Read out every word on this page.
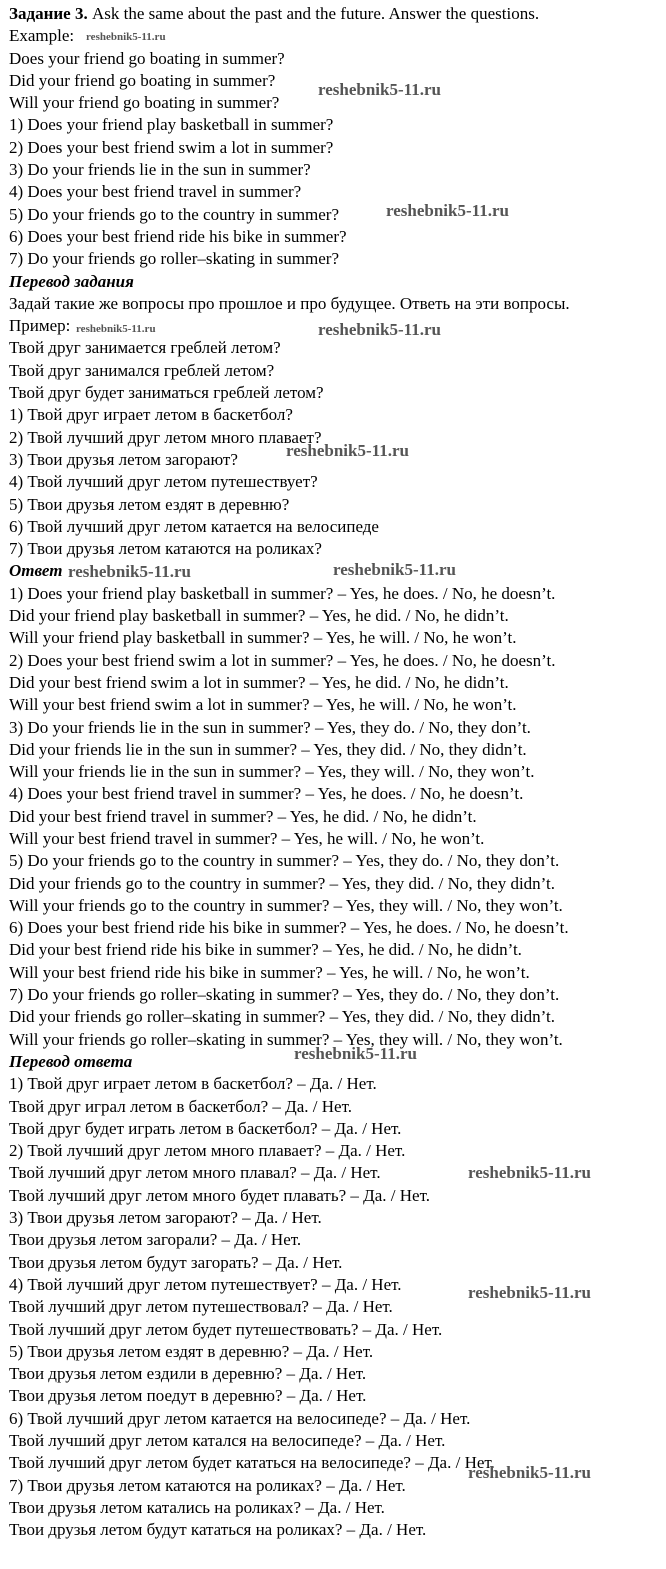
Задание 3. Ask the same about the past and the future. Answer the questions.
Example:
Does your friend go boating in summer?
Did your friend go boating in summer?
Will your friend go boating in summer?
1) Does your friend play basketball in summer?
2) Does your best friend swim a lot in summer?
3) Do your friends lie in the sun in summer?
4) Does your best friend travel in summer?
5) Do your friends go to the country in summer?
6) Does your best friend ride his bike in summer?
7) Do your friends go roller–skating in summer?
Перевод задания
Задай такие же вопросы про прошлое и про будущее. Ответь на эти вопросы.
Пример:
Твой друг занимается греблей летом?
Твой друг занимался греблей летом?
Твой друг будет заниматься греблей летом?
1) Твой друг играет летом в баскетбол?
2) Твой лучший друг летом много плавает?
3) Твои друзья летом загорают?
4) Твой лучший друг летом путешествует?
5) Твои друзья летом ездят в деревню?
6) Твой лучший друг летом катается на велосипеде
7) Твои друзья летом катаются на роликах?
Ответ
1) Does your friend play basketball in summer? – Yes, he does. / No, he doesn’t.
Did your friend play basketball in summer? – Yes, he did. / No, he didn’t.
Will your friend play basketball in summer? – Yes, he will. / No, he won’t.
2) Does your best friend swim a lot in summer? – Yes, he does. / No, he doesn’t.
Did your best friend swim a lot in summer? – Yes, he did. / No, he didn’t.
Will your best friend swim a lot in summer? – Yes, he will. / No, he won’t.
3) Do your friends lie in the sun in summer? – Yes, they do. / No, they don’t.
Did your friends lie in the sun in summer? – Yes, they did. / No, they didn’t.
Will your friends lie in the sun in summer? – Yes, they will. / No, they won’t.
4) Does your best friend travel in summer? – Yes, he does. / No, he doesn’t.
Did your best friend travel in summer? – Yes, he did. / No, he didn’t.
Will your best friend travel in summer? – Yes, he will. / No, he won’t.
5) Do your friends go to the country in summer? – Yes, they do. / No, they don’t.
Did your friends go to the country in summer? – Yes, they did. / No, they didn’t.
Will your friends go to the country in summer? – Yes, they will. / No, they won’t.
6) Does your best friend ride his bike in summer? – Yes, he does. / No, he doesn’t.
Did your best friend ride his bike in summer? – Yes, he did. / No, he didn’t.
Will your best friend ride his bike in summer? – Yes, he will. / No, he won’t.
7) Do your friends go roller–skating in summer? – Yes, they do. / No, they don’t.
Did your friends go roller–skating in summer? – Yes, they did. / No, they didn’t.
Will your friends go roller–skating in summer? – Yes, they will. / No, they won’t.
Перевод ответа
1) Твой друг играет летом в баскетбол? – Да. / Нет.
Твой друг играл летом в баскетбол? – Да. / Нет.
Твой друг будет играть летом в баскетбол? – Да. / Нет.
2) Твой лучший друг летом много плавает? – Да. / Нет.
Твой лучший друг летом много плавал? – Да. / Нет.
Твой лучший друг летом много будет плавать? – Да. / Нет.
3) Твои друзья летом загорают? – Да. / Нет.
Твои друзья летом загорали? – Да. / Нет.
Твои друзья летом будут загорать? – Да. / Нет.
4) Твой лучший друг летом путешествует? – Да. / Нет.
Твой лучший друг летом путешествовал? – Да. / Нет.
Твой лучший друг летом будет путешествовать? – Да. / Нет.
5) Твои друзья летом ездят в деревню? – Да. / Нет.
Твои друзья летом ездили в деревню? – Да. / Нет.
Твои друзья летом поедут в деревню? – Да. / Нет.
6) Твой лучший друг летом катается на велосипеде? – Да. / Нет.
Твой лучший друг летом катался на велосипеде? – Да. / Нет.
Твой лучший друг летом будет кататься на велосипеде? – Да. / Нет.
7) Твои друзья летом катаются на роликах? – Да. / Нет.
Твои друзья летом катались на роликах? – Да. / Нет.
Твои друзья летом будут кататься на роликах? – Да. / Нет.
reshebnik5-11.ru
reshebnik5-11.ru
reshebnik5-11.ru
reshebnik5-11.ru	reshebnik5-11.ru
reshebnik5-11.ru
reshebnik5-11.ru	reshebnik5-11.ru
reshebnik5-11.ru
reshebnik5-11.ru
reshebnik5-11.ru
reshebnik5-11.ru
